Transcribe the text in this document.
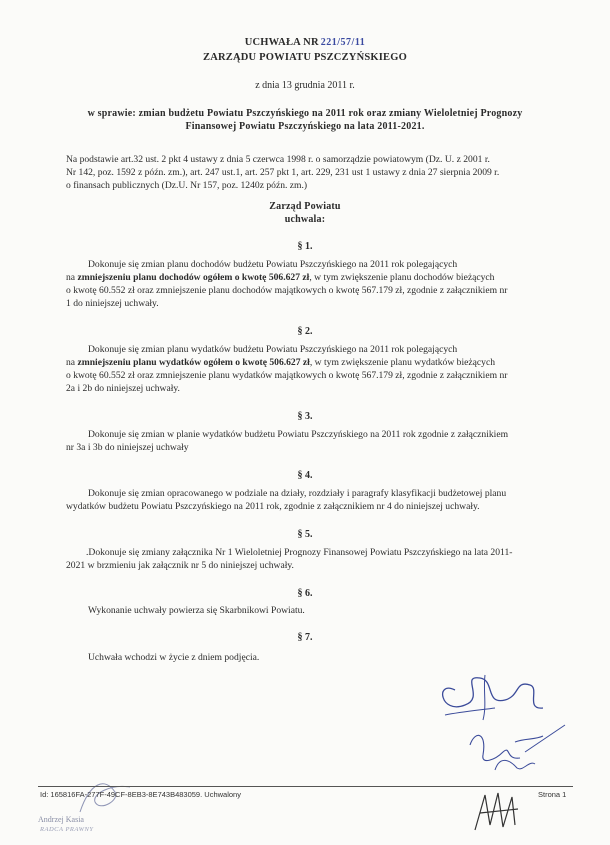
UCHWAŁA NR 221/57/11
ZARZĄDU POWIATU PSZCZYŃSKIEGO
z dnia 13 grudnia 2011 r.
w sprawie: zmian budżetu Powiatu Pszczyńskiego na 2011 rok oraz zmiany Wieloletniej Prognozy
Finansowej Powiatu Pszczyńskiego na lata 2011-2021.
Na podstawie art.32 ust. 2 pkt 4 ustawy z dnia 5 czerwca 1998 r. o samorządzie powiatowym (Dz. U. z 2001 r.
Nr 142, poz. 1592 z późn. zm.), art. 247 ust.1, art. 257 pkt 1, art. 229, 231 ust 1 ustawy z dnia 27 sierpnia 2009 r.
o finansach publicznych (Dz.U. Nr 157, poz. 1240z późn. zm.)
Zarząd Powiatu
uchwala:
§ 1.
Dokonuje się zmian planu dochodów budżetu Powiatu Pszczyńskiego na 2011 rok polegających
na zmniejszeniu planu dochodów ogółem o kwotę 506.627 zł, w tym zwiększenie planu dochodów bieżących
o kwotę 60.552 zł oraz zmniejszenie planu dochodów majątkowych o kwotę 567.179 zł, zgodnie z załącznikiem nr
1 do niniejszej uchwały.
§ 2.
Dokonuje się zmian planu wydatków budżetu Powiatu Pszczyńskiego na 2011 rok polegających
na zmniejszeniu planu wydatków ogółem o kwotę 506.627 zł, w tym zwiększenie planu wydatków bieżących
o kwotę 60.552 zł oraz zmniejszenie planu wydatków majątkowych o kwotę 567.179 zł, zgodnie z załącznikiem nr
2a i 2b do niniejszej uchwały.
§ 3.
Dokonuje się zmian w planie wydatków budżetu Powiatu Pszczyńskiego na 2011 rok zgodnie z załącznikiem
nr 3a i 3b do niniejszej uchwały
§ 4.
Dokonuje się zmian opracowanego w podziale na działy, rozdziały i paragrafy klasyfikacji budżetowej planu
wydatków budżetu Powiatu Pszczyńskiego na 2011 rok, zgodnie z załącznikiem nr 4 do niniejszej uchwały.
§ 5.
.Dokonuje się zmiany załącznika Nr 1 Wieloletniej Prognozy Finansowej Powiatu Pszczyńskiego na lata 2011-
2021 w brzmieniu jak załącznik nr 5 do niniejszej uchwały.
§ 6.
Wykonanie uchwały powierza się Skarbnikowi Powiatu.
§ 7.
Uchwała wchodzi w życie z dniem podjęcia.
Id: 165816FA-277F-49CF-8EB3-8E743B483059. Uchwalony	Strona 1
Andrzej Kasia
RADCA PRAWNY
